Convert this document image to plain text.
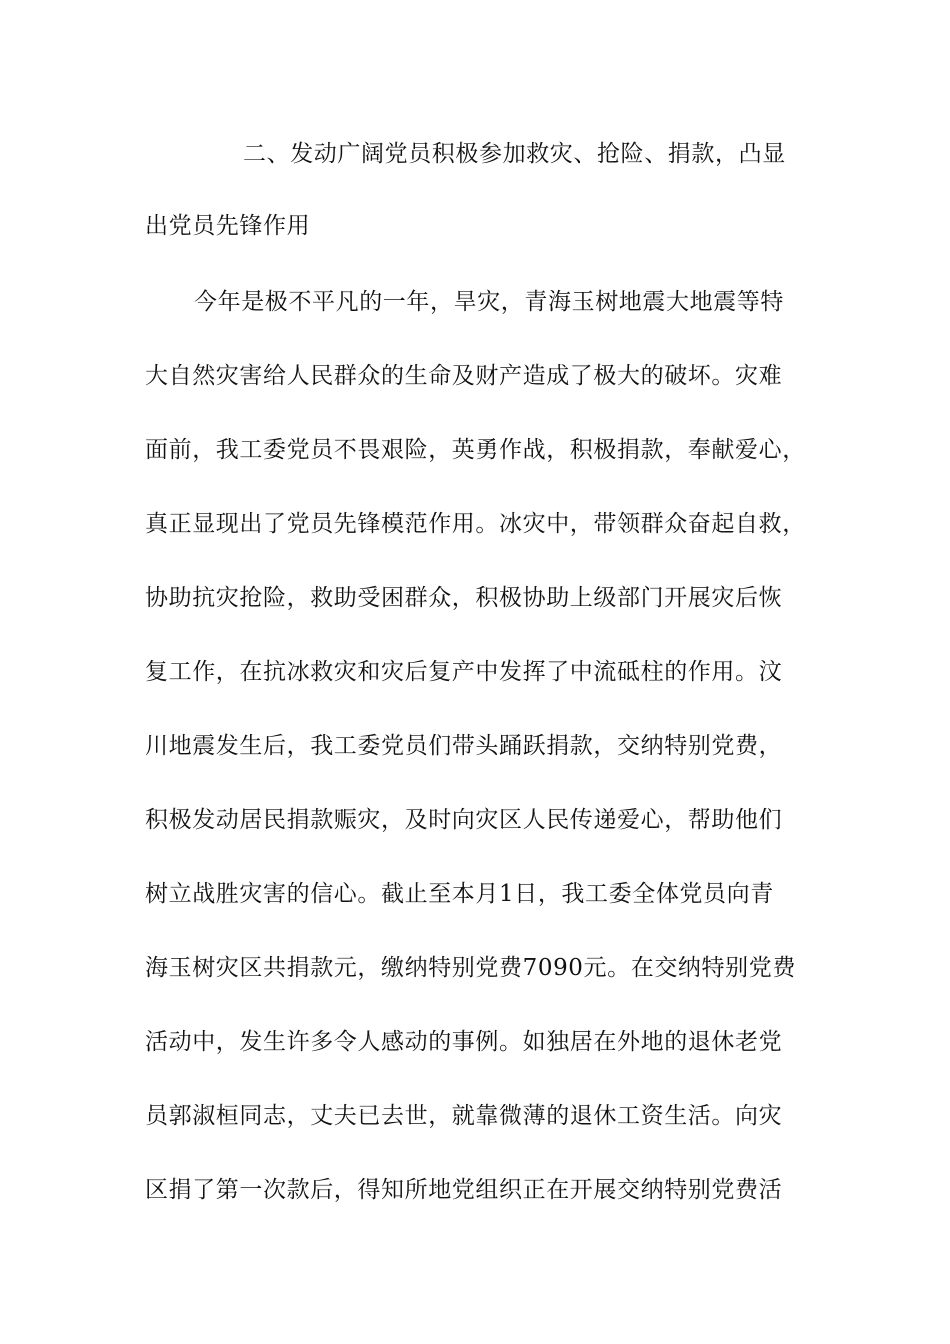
二、发动广阔党员积极参加救灾、抢险、捐款，凸显
出党员先锋作用
今年是极不平凡的一年，旱灾，青海玉树地震大地震等特
大自然灾害给人民群众的生命及财产造成了极大的破坏。灾难
面前，我工委党员不畏艰险，英勇作战，积极捐款，奉献爱心，
真正显现出了党员先锋模范作用。冰灾中，带领群众奋起自救，
协助抗灾抢险，救助受困群众，积极协助上级部门开展灾后恢
复工作，在抗冰救灾和灾后复产中发挥了中流砥柱的作用。汶
川地震发生后，我工委党员们带头踊跃捐款，交纳特别党费，
积极发动居民捐款赈灾，及时向灾区人民传递爱心，帮助他们
树立战胜灾害的信心。截止至本月1日，我工委全体党员向青
海玉树灾区共捐款元，缴纳特别党费7090元。在交纳特别党费
活动中，发生许多令人感动的事例。如独居在外地的退休老党
员郭淑桓同志，丈夫已去世，就靠微薄的退休工资生活。向灾
区捐了第一次款后，得知所地党组织正在开展交纳特别党费活
